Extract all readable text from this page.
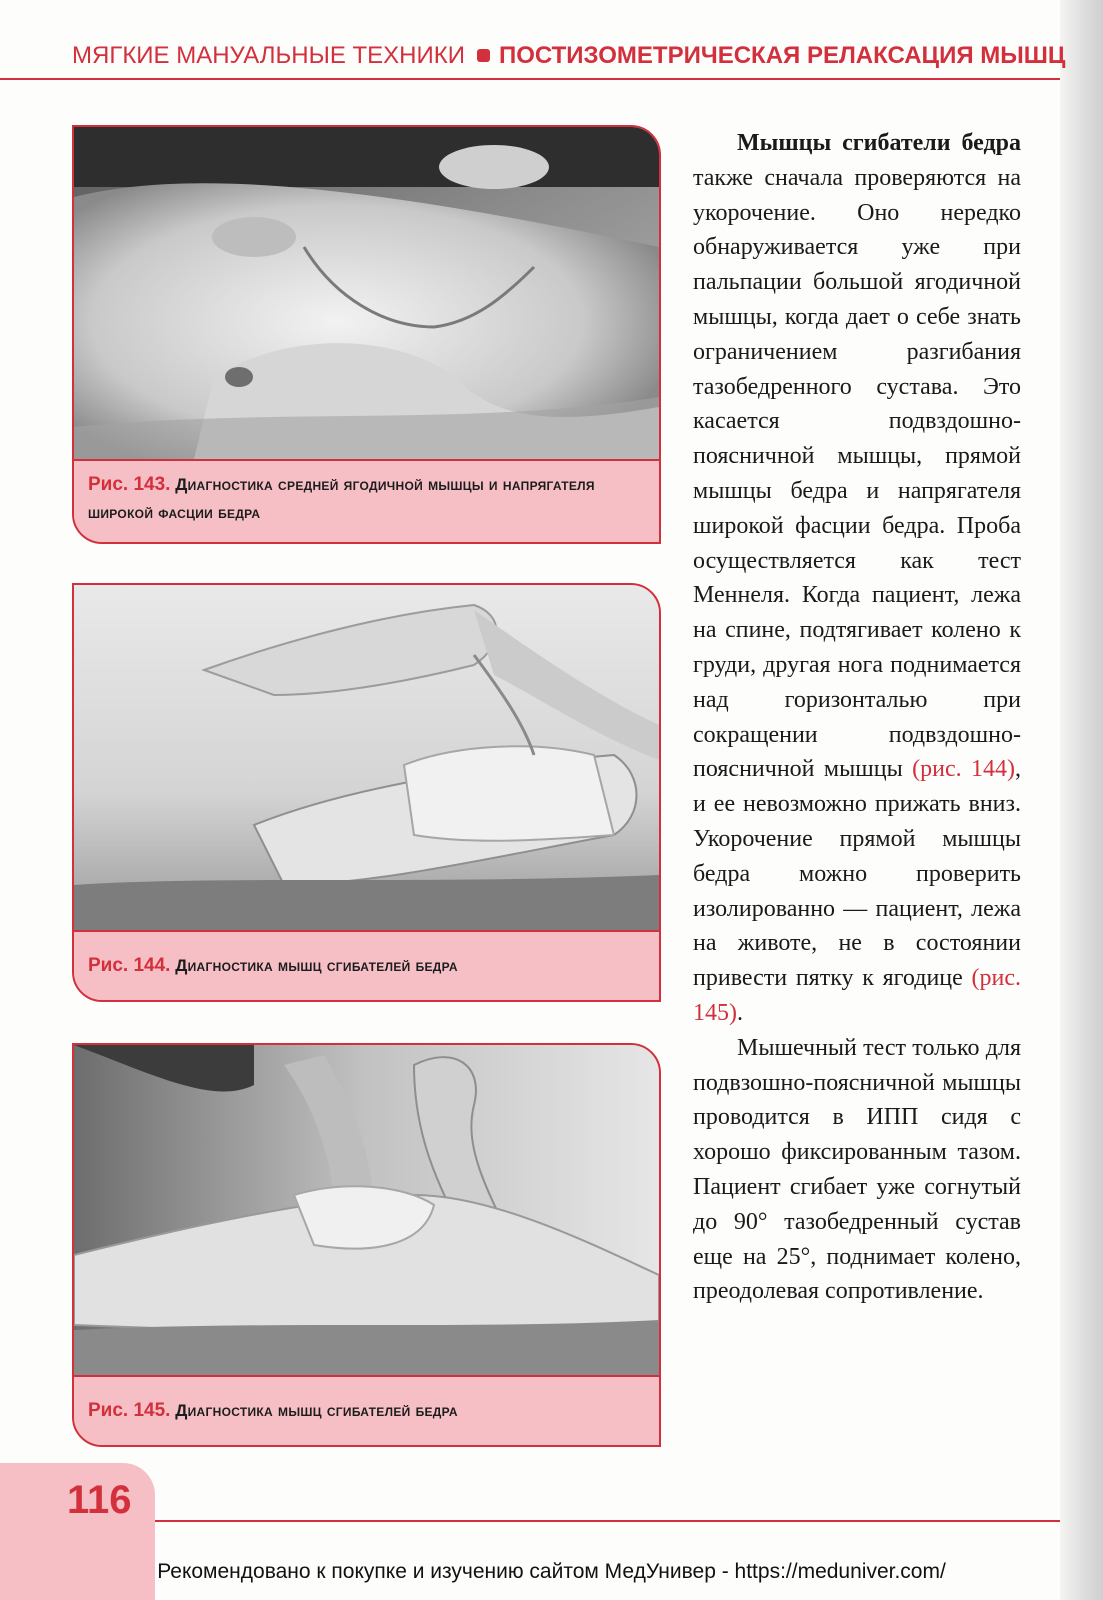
МЯГКИЕ МАНУАЛЬНЫЕ ТЕХНИКИ ПОСТИЗОМЕТРИЧЕСКАЯ РЕЛАКСАЦИЯ МЫШЦ
Рис. 143. Диагностика средней ягодичной мышцы и напрягателя широкой фасции бедра
Рис. 144. Диагностика мышц сгибателей бедра
Рис. 145. Диагностика мышц сгибателей бедра

Мышцы сгибатели бедра также сначала проверяются на укорочение. Оно нередко обнаруживается уже при пальпации большой ягодичной мышцы, когда дает о себе знать ограничением разгибания тазобедренного сустава. Это касается подвздошно-поясничной мышцы, прямой мышцы бедра и напрягателя широкой фасции бедра. Проба осуществляется как тест Меннеля. Когда пациент, лежа на спине, подтягивает колено к груди, другая нога поднимается над горизонталью при сокращении подвздошно-поясничной мышцы (рис. 144), и ее невозможно прижать вниз. Укорочение прямой мышцы бедра можно проверить изолированно — пациент, лежа на животе, не в состоянии привести пятку к ягодице (рис. 145).

Мышечный тест только для подвзошно-поясничной мышцы проводится в ИПП сидя с хорошо фиксированным тазом. Пациент сгибает уже согнутый до 90° тазобедренный сустав еще на 25°, поднимает колено, преодолевая сопротивление.

116
Рекомендовано к покупке и изучению сайтом МедУнивер - https://meduniver.com/
